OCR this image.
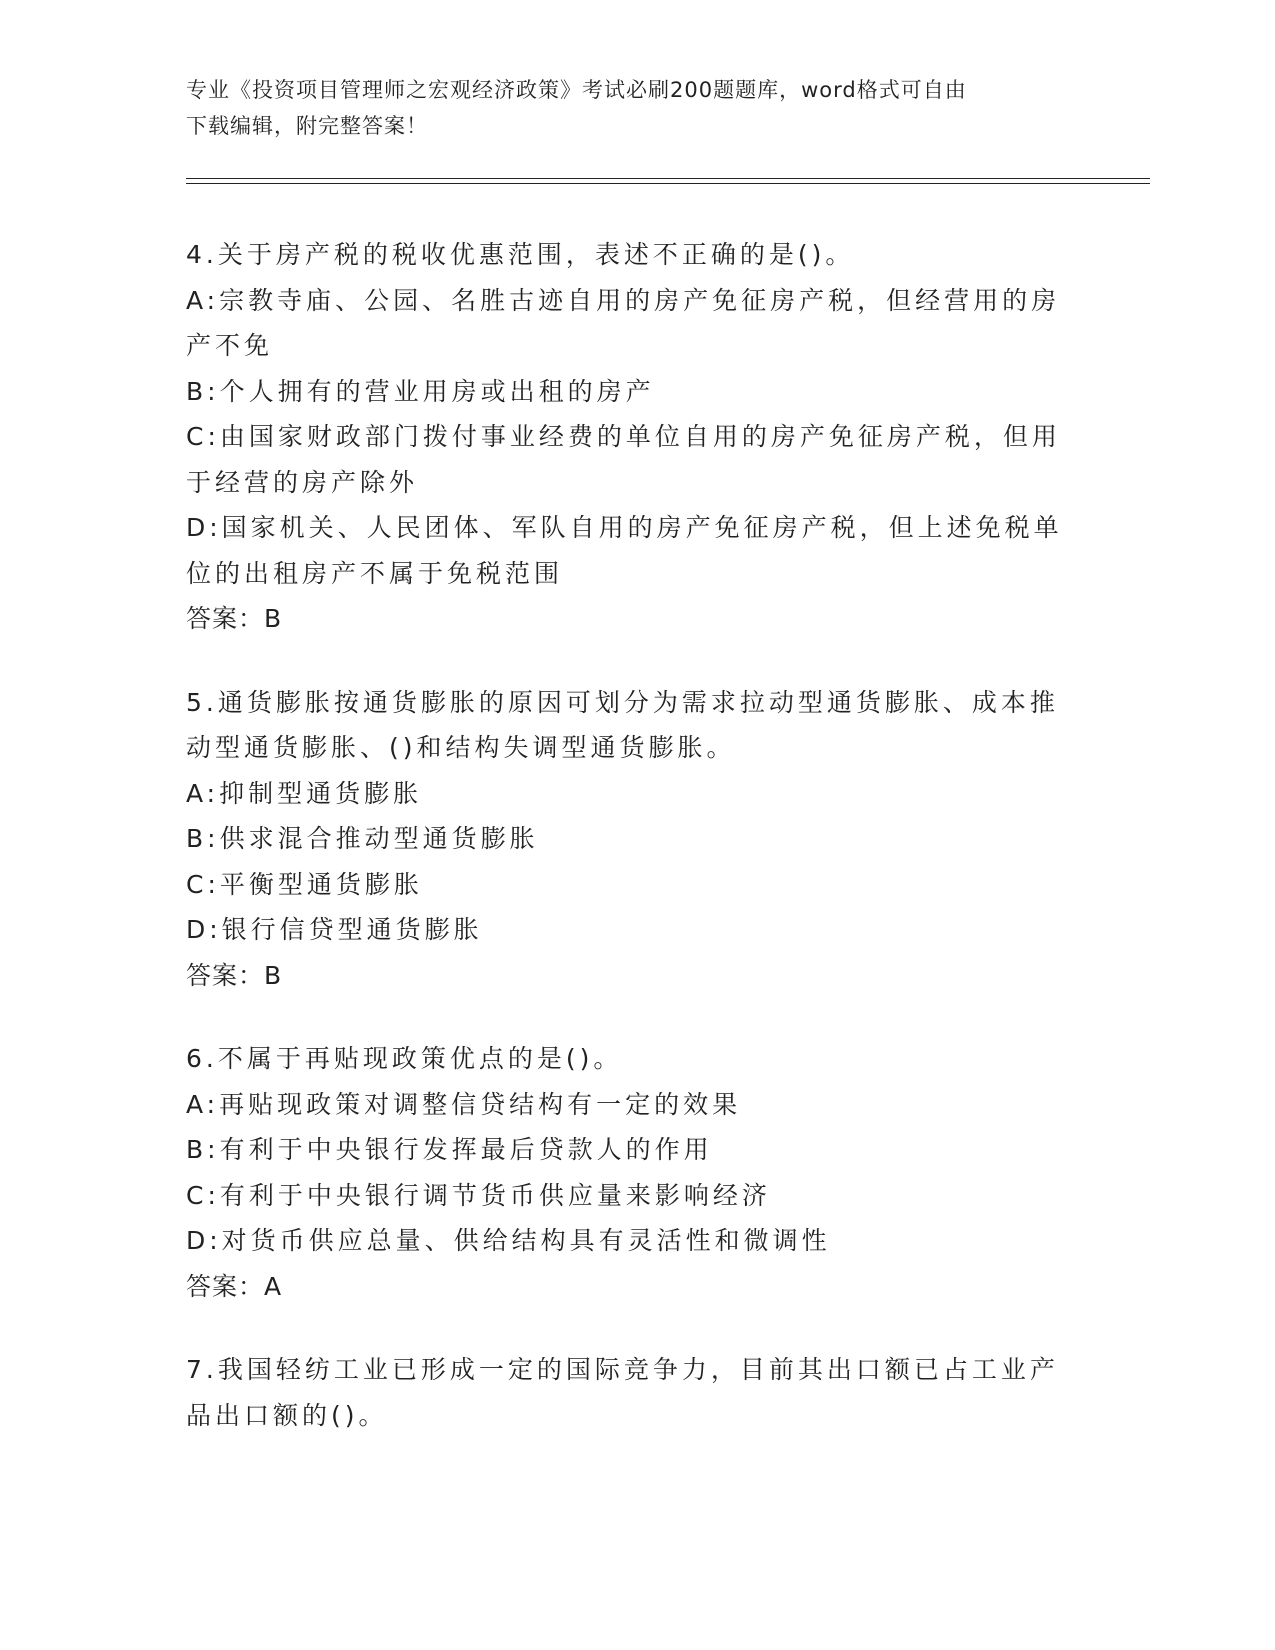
专业《投资项目管理师之宏观经济政策》考试必刷200题题库，word格式可自由
下载编辑，附完整答案！
4.关于房产税的税收优惠范围，表述不正确的是()。
A:宗教寺庙、公园、名胜古迹自用的房产免征房产税，但经营用的房
产不免
B:个人拥有的营业用房或出租的房产
C:由国家财政部门拨付事业经费的单位自用的房产免征房产税，但用
于经营的房产除外
D:国家机关、人民团体、军队自用的房产免征房产税，但上述免税单
位的出租房产不属于免税范围
答案：B
5.通货膨胀按通货膨胀的原因可划分为需求拉动型通货膨胀、成本推
动型通货膨胀、()和结构失调型通货膨胀。
A:抑制型通货膨胀
B:供求混合推动型通货膨胀
C:平衡型通货膨胀
D:银行信贷型通货膨胀
答案：B
6.不属于再贴现政策优点的是()。
A:再贴现政策对调整信贷结构有一定的效果
B:有利于中央银行发挥最后贷款人的作用
C:有利于中央银行调节货币供应量来影响经济
D:对货币供应总量、供给结构具有灵活性和微调性
答案：A
7.我国轻纺工业已形成一定的国际竞争力，目前其出口额已占工业产
品出口额的()。
